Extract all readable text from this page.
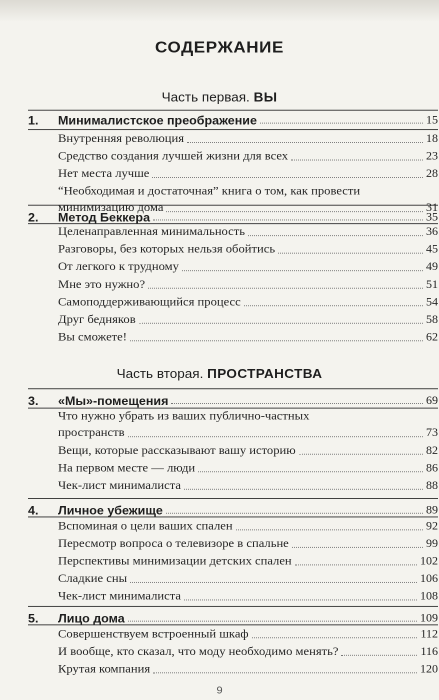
СОДЕРЖАНИЕ
Часть первая. ВЫ
1.	Минималистское преображение	15
Внутренняя революция	18
Средство создания лучшей жизни для всех	23
Нет места лучше	28
“Необходимая и достаточная” книга о том, как провести
минимизацию дома	31
2.	Метод Беккера	35
Целенаправленная минимальность	36
Разговоры, без которых нельзя обойтись	45
От легкого к трудному	49
Мне это нужно?	51
Самоподдерживающийся процесс	54
Друг бедняков	58
Вы сможете!	62
Часть вторая. ПРОСТРАНСТВА
3.	«Мы»-помещения	69
Что нужно убрать из ваших публично-частных
пространств	73
Вещи, которые рассказывают вашу историю	82
На первом месте — люди	86
Чек-лист минималиста	88
4.	Личное убежище	89
Вспоминая о цели ваших спален	92
Пересмотр вопроса о телевизоре в спальне	99
Перспективы минимизации детских спален	102
Сладкие сны	106
Чек-лист минималиста	108
5.	Лицо дома	109
9
Совершенствуем встроенный шкаф	112
И вообще, кто сказал, что моду необходимо менять?	116
Крутая компания	120
